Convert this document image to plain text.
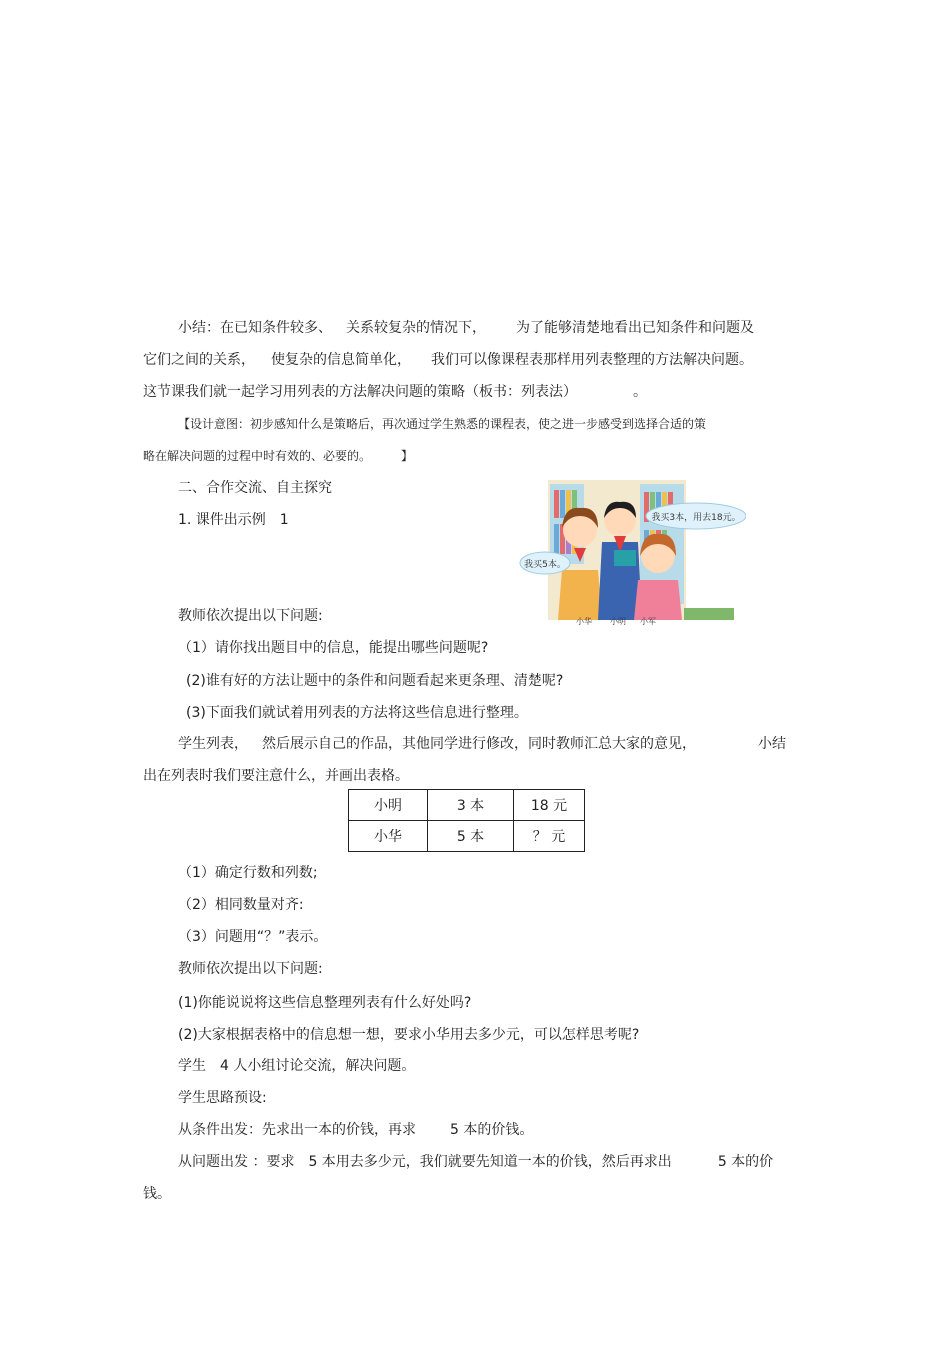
小结：在已知条件较多、 关系较复杂的情况下， 为了能够清楚地看出已知条件和问题及
它们之间的关系， 使复杂的信息简单化， 我们可以像课程表那样用列表整理的方法解决问题。
这节课我们就一起学习用列表的方法解决问题的策略（板书：列表法）	。
【设计意图：初步感知什么是策略后，再次通过学生熟悉的课程表，使之进一步感受到选择合适的策
略在解决问题的过程中时有效的、必要的。	】
二、合作交流、自主探究
1. 课件出示例　1	我买3本，用去18元。
我买5本。
小华 小明 小军
教师依次提出以下问题:
（1）请你找出题目中的信息，能提出哪些问题呢?
(2)谁有好的方法让题中的条件和问题看起来更条理、清楚呢?
(3)下面我们就试着用列表的方法将这些信息进行整理。
学生列表， 然后展示自己的作品，其他同学进行修改，同时教师汇总大家的意见，	小结
出在列表时我们要注意什么，并画出表格。
小明	3 本	18 元
小华	5 本	？ 元
（1）确定行数和列数;
（2）相同数量对齐:
（3）问题用“？”表示。
教师依次提出以下问题:
(1)你能说说将这些信息整理列表有什么好处吗?
(2)大家根据表格中的信息想一想，要求小华用去多少元，可以怎样思考呢?
学生　4 人小组讨论交流，解决问题。
学生思路预设:
从条件出发：先求出一本的价钱，再求 5 本的价钱。
从问题出发 ：要求　5 本用去多少元，我们就要先知道一本的价钱，然后再求出	5 本的价
钱。
